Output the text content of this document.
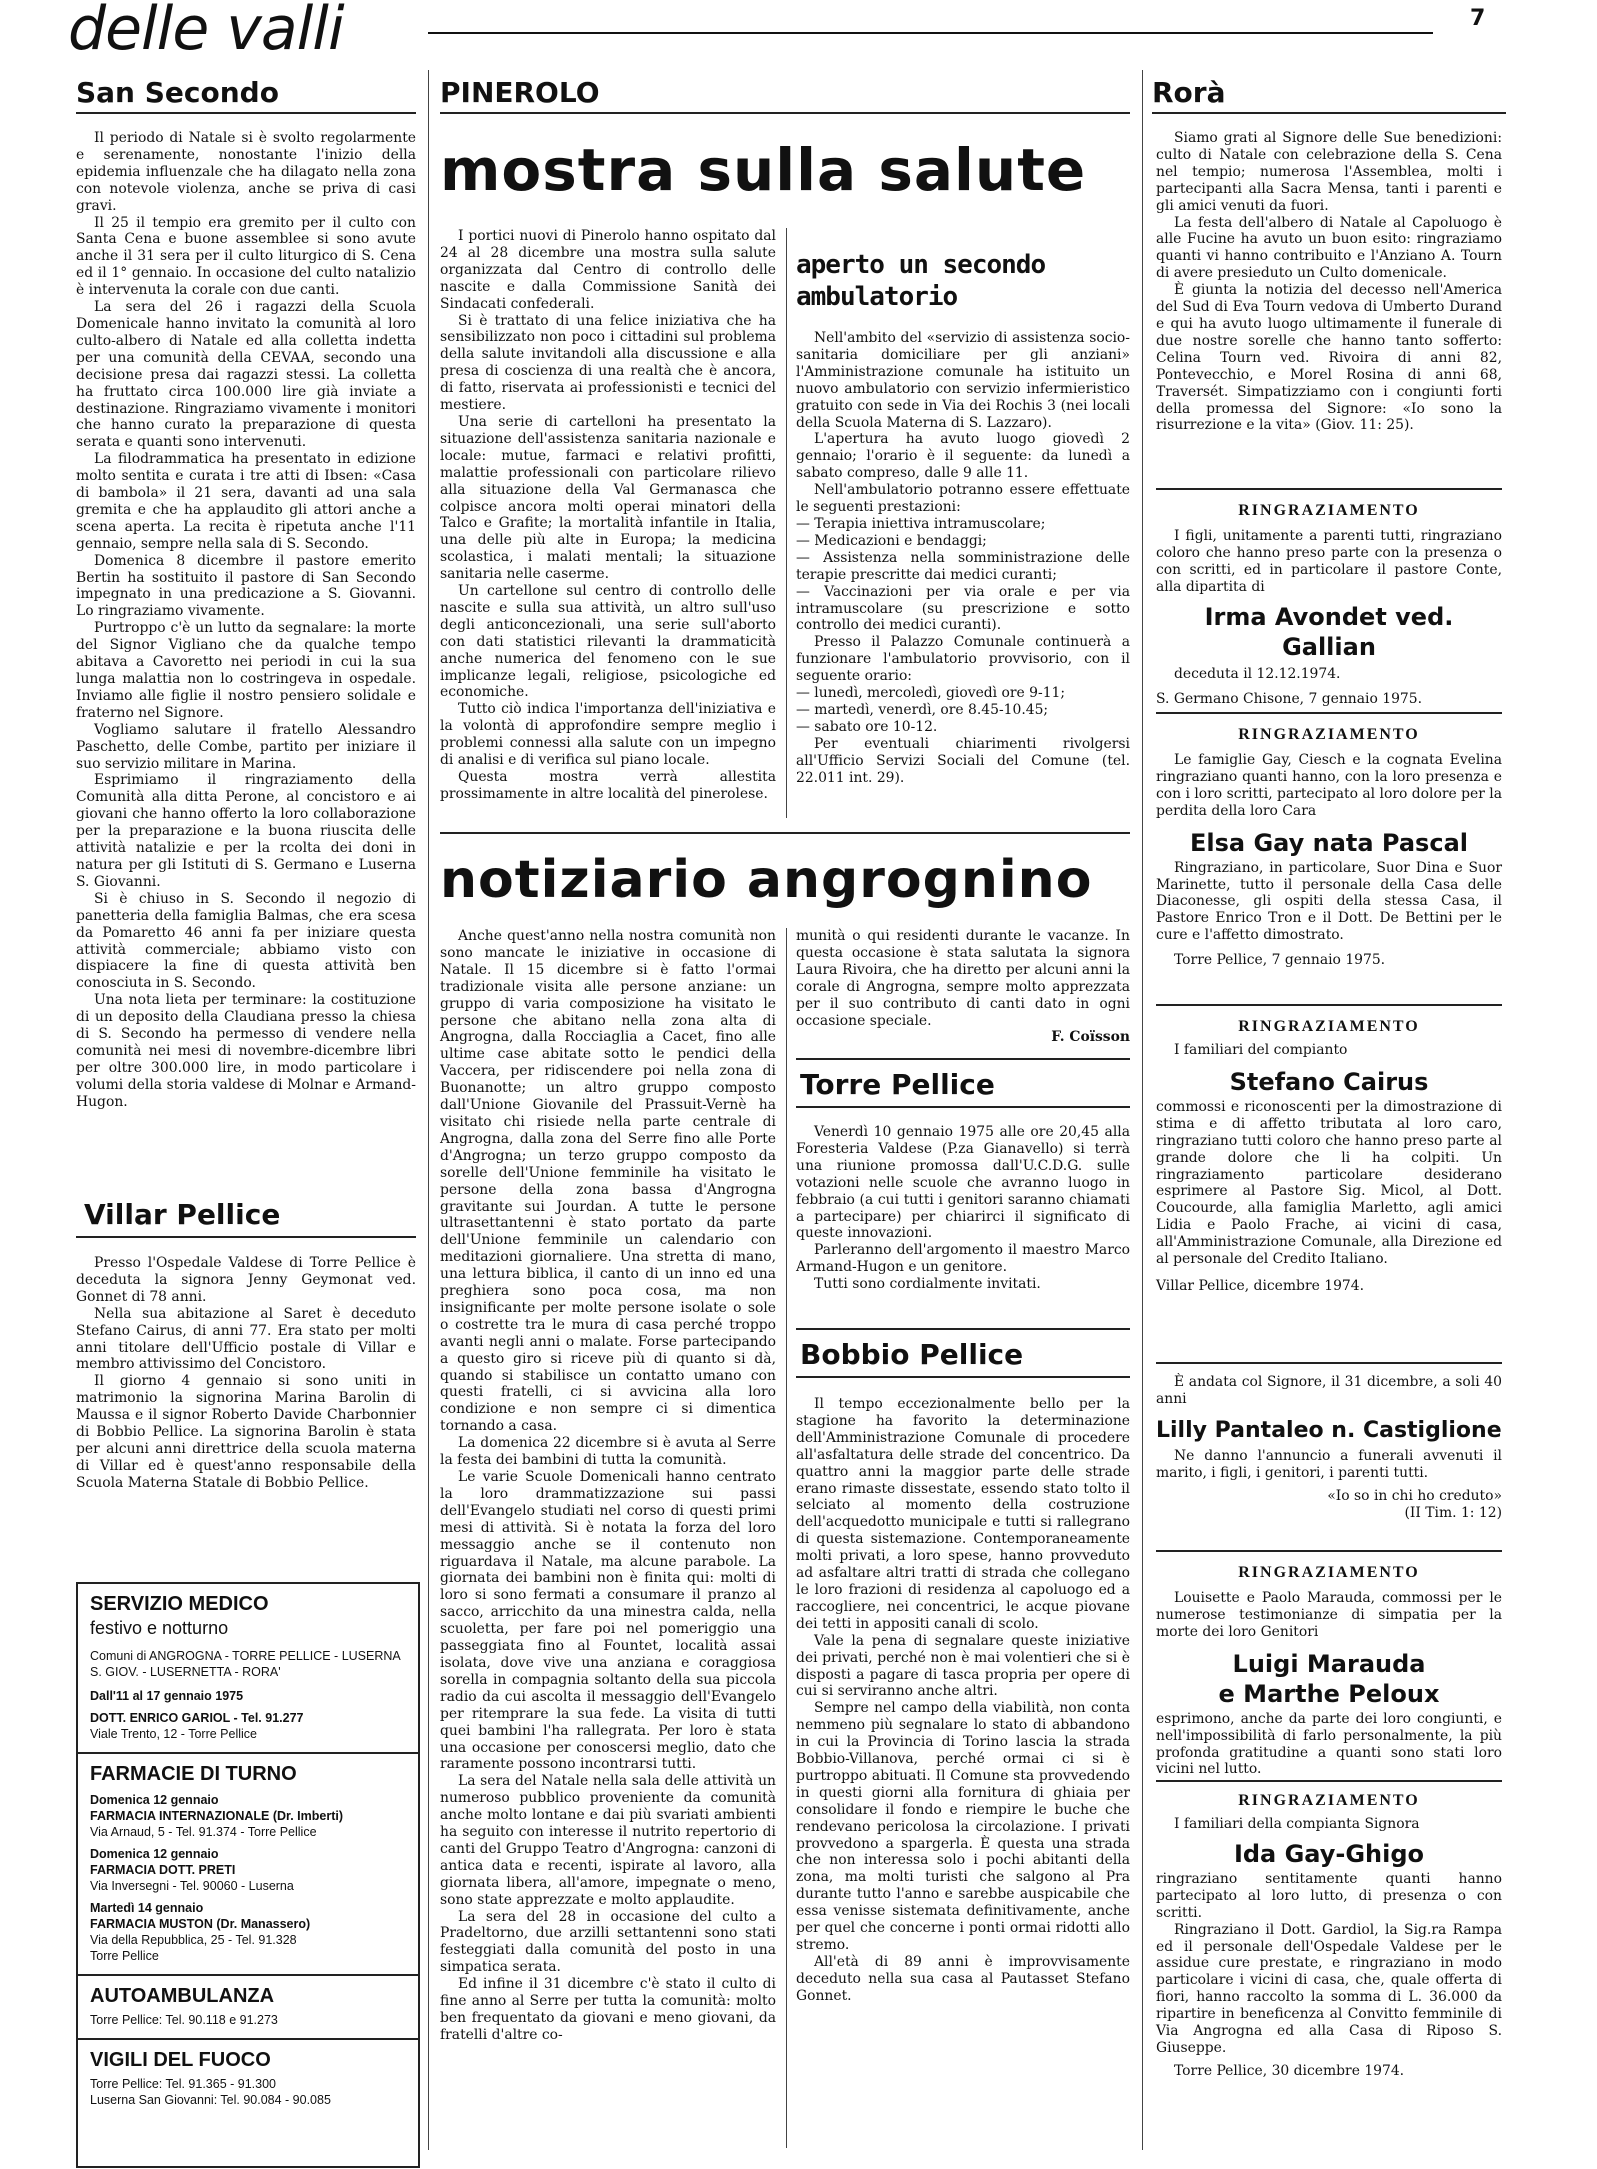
delle valli	7
San Secondo

Il periodo di Natale si è svolto regolarmente e serenamente, nonostante l'inizio della epidemia influenzale che ha dilagato nella zona con notevole violenza, anche se priva di casi gravi.

Il 25 il tempio era gremito per il culto con Santa Cena e buone assemblee si sono avute anche il 31 sera per il culto liturgico di S. Cena ed il 1° gennaio. In occasione del culto natalizio è intervenuta la corale con due canti.

La sera del 26 i ragazzi della Scuola Domenicale hanno invitato la comunità al loro culto-albero di Natale ed alla colletta indetta per una comunità della CEVAA, secondo una decisione presa dai ragazzi stessi. La colletta ha fruttato circa 100.000 lire già inviate a destinazione. Ringraziamo vivamente i monitori che hanno curato la preparazione di questa serata e quanti sono intervenuti.

La filodrammatica ha presentato in edizione molto sentita e curata i tre atti di Ibsen: «Casa di bambola» il 21 sera, davanti ad una sala gremita e che ha applaudito gli attori anche a scena aperta. La recita è ripetuta anche l'11 gennaio, sempre nella sala di S. Secondo.

Domenica 8 dicembre il pastore emerito Bertin ha sostituito il pastore di San Secondo impegnato in una predicazione a S. Giovanni. Lo ringraziamo vivamente.

Purtroppo c'è un lutto da segnalare: la morte del Signor Vigliano che da qualche tempo abitava a Cavoretto nei periodi in cui la sua lunga malattia non lo costringeva in ospedale. Inviamo alle figlie il nostro pensiero solidale e fraterno nel Signore.

Vogliamo salutare il fratello Alessandro Paschetto, delle Combe, partito per iniziare il suo servizio militare in Marina.

Esprimiamo il ringraziamento della Comunità alla ditta Perone, al concistoro e ai giovani che hanno offerto la loro collaborazione per la preparazione e la buona riuscita delle attività natalizie e per la rcolta dei doni in natura per gli Istituti di S. Germano e Luserna S. Giovanni.

Si è chiuso in S. Secondo il negozio di panetteria della famiglia Balmas, che era scesa da Pomaretto 46 anni fa per iniziare questa attività commerciale; abbiamo visto con dispiacere la fine di questa attività ben conosciuta in S. Secondo.

Una nota lieta per terminare: la costituzione di un deposito della Claudiana presso la chiesa di S. Secondo ha permesso di vendere nella comunità nei mesi di novembre-dicembre libri per oltre 300.000 lire, in modo particolare i volumi della storia valdese di Molnar e Armand-Hugon.

Villar Pellice

Presso l'Ospedale Valdese di Torre Pellice è deceduta la signora Jenny Geymonat ved. Gonnet di 78 anni.

Nella sua abitazione al Saret è deceduto Stefano Cairus, di anni 77. Era stato per molti anni titolare dell'Ufficio postale di Villar e membro attivissimo del Concistoro.

Il giorno 4 gennaio si sono uniti in matrimonio la signorina Marina Barolin di Maussa e il signor Roberto Davide Charbonnier di Bobbio Pellice. La signorina Barolin è stata per alcuni anni direttrice della scuola materna di Villar ed è quest'anno responsabile della Scuola Materna Statale di Bobbio Pellice.

SERVIZIO MEDICO
festivo e notturno
Comuni di ANGROGNA - TORRE PELLICE - LUSERNA S. GIOV. - LUSERNETTA - RORA'
Dall'11 al 17 gennaio 1975
DOTT. ENRICO GARIOL - Tel. 91.277
Viale Trento, 12 - Torre Pellice
FARMACIE DI TURNO
Domenica 12 gennaio
FARMACIA INTERNAZIONALE (Dr. Imberti)
Via Arnaud, 5 - Tel. 91.374 - Torre Pellice
Domenica 12 gennaio
FARMACIA DOTT. PRETI
Via Inversegni - Tel. 90060 - Luserna
Martedì 14 gennaio
FARMACIA MUSTON (Dr. Manassero)
Via della Repubblica, 25 - Tel. 91.328
Torre Pellice
AUTOAMBULANZA
Torre Pellice: Tel. 90.118 e 91.273
VIGILI DEL FUOCO
Torre Pellice: Tel. 91.365 - 91.300
Luserna San Giovanni: Tel. 90.084 - 90.085
PINEROLO
mostra sulla salute

I portici nuovi di Pinerolo hanno ospitato dal 24 al 28 dicembre una mostra sulla salute organizzata dal Centro di controllo delle nascite e dalla Commissione Sanità dei Sindacati confederali.

Si è trattato di una felice iniziativa che ha sensibilizzato non poco i cittadini sul problema della salute invitandoli alla discussione e alla presa di coscienza di una realtà che è ancora, di fatto, riservata ai professionisti e tecnici del mestiere.

Una serie di cartelloni ha presentato la situazione dell'assistenza sanitaria nazionale e locale: mutue, farmaci e relativi profitti, malattie professionali con particolare rilievo alla situazione della Val Germanasca che colpisce ancora molti operai minatori della Talco e Grafite; la mortalità infantile in Italia, una delle più alte in Europa; la medicina scolastica, i malati mentali; la situazione sanitaria nelle caserme.

Un cartellone sul centro di controllo delle nascite e sulla sua attività, un altro sull'uso degli anticoncezionali, una serie sull'aborto con dati statistici rilevanti la drammaticità anche numerica del fenomeno con le sue implicanze legali, religiose, psicologiche ed economiche.

Tutto ciò indica l'importanza dell'iniziativa e la volontà di approfondire sempre meglio i problemi connessi alla salute con un impegno di analisi e di verifica sul piano locale.

Questa mostra verrà allestita prossimamente in altre località del pinerolese.

aperto un secondo
ambulatorio

Nell'ambito del «servizio di assistenza socio-sanitaria domiciliare per gli anziani» l'Amministrazione comunale ha istituito un nuovo ambulatorio con servizio infermieristico gratuito con sede in Via dei Rochis 3 (nei locali della Scuola Materna di S. Lazzaro).

L'apertura ha avuto luogo giovedì 2 gennaio; l'orario è il seguente: da lunedì a sabato compreso, dalle 9 alle 11.

Nell'ambulatorio potranno essere effettuate le seguenti prestazioni:

— Terapia iniettiva intramuscolare;

— Medicazioni e bendaggi;

— Assistenza nella somministrazione delle terapie prescritte dai medici curanti;

— Vaccinazioni per via orale e per via intramuscolare (su prescrizione e sotto controllo dei medici curanti).

Presso il Palazzo Comunale continuerà a funzionare l'ambulatorio provvisorio, con il seguente orario:

— lunedì, mercoledì, giovedì ore 9-11;

— martedì, venerdì, ore 8.45-10.45;

— sabato ore 10-12.

Per eventuali chiarimenti rivolgersi all'Ufficio Servizi Sociali del Comune (tel. 22.011 int. 29).

notiziario angrognino

Anche quest'anno nella nostra comunità non sono mancate le iniziative in occasione di Natale. Il 15 dicembre si è fatto l'ormai tradizionale visita alle persone anziane: un gruppo di varia composizione ha visitato le persone che abitano nella zona alta di Angrogna, dalla Rocciaglia a Cacet, fino alle ultime case abitate sotto le pendici della Vaccera, per ridiscendere poi nella zona di Buonanotte; un altro gruppo composto dall'Unione Giovanile del Prassuit-Vernè ha visitato chi risiede nella parte centrale di Angrogna, dalla zona del Serre fino alle Porte d'Angrogna; un terzo gruppo composto da sorelle dell'Unione femminile ha visitato le persone della zona bassa d'Angrogna gravitante sui Jourdan. A tutte le persone ultrasettantenni è stato portato da parte dell'Unione femminile un calendario con meditazioni giornaliere. Una stretta di mano, una lettura biblica, il canto di un inno ed una preghiera sono poca cosa, ma non insignificante per molte persone isolate o sole o costrette tra le mura di casa perché troppo avanti negli anni o malate. Forse partecipando a questo giro si riceve più di quanto si dà, quando si stabilisce un contatto umano con questi fratelli, ci si avvicina alla loro condizione e non sempre ci si dimentica tornando a casa.

La domenica 22 dicembre si è avuta al Serre la festa dei bambini di tutta la comunità.

Le varie Scuole Domenicali hanno centrato la loro drammatizzazione sui passi dell'Evangelo studiati nel corso di questi primi mesi di attività. Si è notata la forza del loro messaggio anche se il contenuto non riguardava il Natale, ma alcune parabole. La giornata dei bambini non è finita qui: molti di loro si sono fermati a consumare il pranzo al sacco, arricchito da una minestra calda, nella scuoletta, per fare poi nel pomeriggio una passeggiata fino al Fountet, località assai isolata, dove vive una anziana e coraggiosa sorella in compagnia soltanto della sua piccola radio da cui ascolta il messaggio dell'Evangelo per ritemprare la sua fede. La visita di tutti quei bambini l'ha rallegrata. Per loro è stata una occasione per conoscersi meglio, dato che raramente possono incontrarsi tutti.

La sera del Natale nella sala delle attività un numeroso pubblico proveniente da comunità anche molto lontane e dai più svariati ambienti ha seguito con interesse il nutrito repertorio di canti del Gruppo Teatro d'Angrogna: canzoni di antica data e recenti, ispirate al lavoro, alla giornata libera, all'amore, impegnate o meno, sono state apprezzate e molto applaudite.

La sera del 28 in occasione del culto a Pradeltorno, due arzilli settantenni sono stati festeggiati dalla comunità del posto in una simpatica serata.

Ed infine il 31 dicembre c'è stato il culto di fine anno al Serre per tutta la comunità: molto ben frequentato da giovani e meno giovani, da fratelli d'altre co-

munità o qui residenti durante le vacanze. In questa occasione è stata salutata la signora Laura Rivoira, che ha diretto per alcuni anni la corale di Angrogna, sempre molto apprezzata per il suo contributo di canti dato in ogni occasione speciale.

F. Coïsson
Torre Pellice

Venerdì 10 gennaio 1975 alle ore 20,45 alla Foresteria Valdese (P.za Gianavello) si terrà una riunione promossa dall'U.C.D.G. sulle votazioni nelle scuole che avranno luogo in febbraio (a cui tutti i genitori saranno chiamati a partecipare) per chiarirci il significato di queste innovazioni.

Parleranno dell'argomento il maestro Marco Armand-Hugon e un genitore.

Tutti sono cordialmente invitati.

Bobbio Pellice

Il tempo eccezionalmente bello per la stagione ha favorito la determinazione dell'Amministrazione Comunale di procedere all'asfaltatura delle strade del concentrico. Da quattro anni la maggior parte delle strade erano rimaste dissestate, essendo stato tolto il selciato al momento della costruzione dell'acquedotto municipale e tutti si rallegrano di questa sistemazione. Contemporaneamente molti privati, a loro spese, hanno provveduto ad asfaltare altri tratti di strada che collegano le loro frazioni di residenza al capoluogo ed a raccogliere, nei concentrici, le acque piovane dei tetti in appositi canali di scolo.

Vale la pena di segnalare queste iniziative dei privati, perché non è mai volentieri che si è disposti a pagare di tasca propria per opere di cui si serviranno anche altri.

Sempre nel campo della viabilità, non conta nemmeno più segnalare lo stato di abbandono in cui la Provincia di Torino lascia la strada Bobbio-Villanova, perché ormai ci si è purtroppo abituati. Il Comune sta provvedendo in questi giorni alla fornitura di ghiaia per consolidare il fondo e riempire le buche che rendevano pericolosa la circolazione. I privati provvedono a spargerla. È questa una strada che non interessa solo i pochi abitanti della zona, ma molti turisti che salgono al Pra durante tutto l'anno e sarebbe auspicabile che essa venisse sistemata definitivamente, anche per quel che concerne i ponti ormai ridotti allo stremo.

All'età di 89 anni è improvvisamente deceduto nella sua casa al Pautasset Stefano Gonnet.

Rorà

Siamo grati al Signore delle Sue benedizioni: culto di Natale con celebrazione della S. Cena nel tempio; numerosa l'Assemblea, molti i partecipanti alla Sacra Mensa, tanti i parenti e gli amici venuti da fuori.

La festa dell'albero di Natale al Capoluogo è alle Fucine ha avuto un buon esito: ringraziamo quanti vi hanno contribuito e l'Anziano A. Tourn di avere presieduto un Culto domenicale.

È giunta la notizia del decesso nell'America del Sud di Eva Tourn vedova di Umberto Durand e qui ha avuto luogo ultimamente il funerale di due nostre sorelle che hanno tanto sofferto: Celina Tourn ved. Rivoira di anni 82, Pontevecchio, e Morel Rosina di anni 68, Traversét. Simpatizziamo con i congiunti forti della promessa del Signore: «Io sono la risurrezione e la vita» (Giov. 11: 25).

RINGRAZIAMENTO

I figli, unitamente a parenti tutti, ringraziano coloro che hanno preso parte con la presenza o con scritti, ed in particolare il pastore Conte, alla dipartita di

Irma Avondet ved. Gallian

deceduta il 12.12.1974.

S. Germano Chisone, 7 gennaio 1975.

RINGRAZIAMENTO

Le famiglie Gay, Ciesch e la cognata Evelina ringraziano quanti hanno, con la loro presenza e con i loro scritti, partecipato al loro dolore per la perdita della loro Cara

Elsa Gay nata Pascal

Ringraziano, in particolare, Suor Dina e Suor Marinette, tutto il personale della Casa delle Diaconesse, gli ospiti della stessa Casa, il Pastore Enrico Tron e il Dott. De Bettini per le cure e l'affetto dimostrato.

Torre Pellice, 7 gennaio 1975.

RINGRAZIAMENTO

I familiari del compianto

Stefano Cairus

commossi e riconoscenti per la dimostrazione di stima e di affetto tributata al loro caro, ringraziano tutti coloro che hanno preso parte al grande dolore che li ha colpiti. Un ringraziamento particolare desiderano esprimere al Pastore Sig. Micol, al Dott. Coucourde, alla famiglia Marletto, agli amici Lidia e Paolo Frache, ai vicini di casa, all'Amministrazione Comunale, alla Direzione ed al personale del Credito Italiano.

Villar Pellice, dicembre 1974.

È andata col Signore, il 31 dicembre, a soli 40 anni

Lilly Pantaleo n. Castiglione

Ne danno l'annuncio a funerali avvenuti il marito, i figli, i genitori, i parenti tutti.

«Io so in chi ho creduto»
(II Tim. 1: 12)
RINGRAZIAMENTO

Louisette e Paolo Marauda, commossi per le numerose testimonianze di simpatia per la morte dei loro Genitori

Luigi Marauda
e Marthe Peloux

esprimono, anche da parte dei loro congiunti, e nell'impossibilità di farlo personalmente, la più profonda gratitudine a quanti sono stati loro vicini nel lutto.

RINGRAZIAMENTO

I familiari della compianta Signora

Ida Gay-Ghigo

ringraziano sentitamente quanti hanno partecipato al loro lutto, di presenza o con scritti.

Ringraziano il Dott. Gardiol, la Sig.ra Rampa ed il personale dell'Ospedale Valdese per le assidue cure prestate, e ringraziano in modo particolare i vicini di casa, che, quale offerta di fiori, hanno raccolto la somma di L. 36.000 da ripartire in beneficenza al Convitto femminile di Via Angrogna ed alla Casa di Riposo S. Giuseppe.

Torre Pellice, 30 dicembre 1974.
